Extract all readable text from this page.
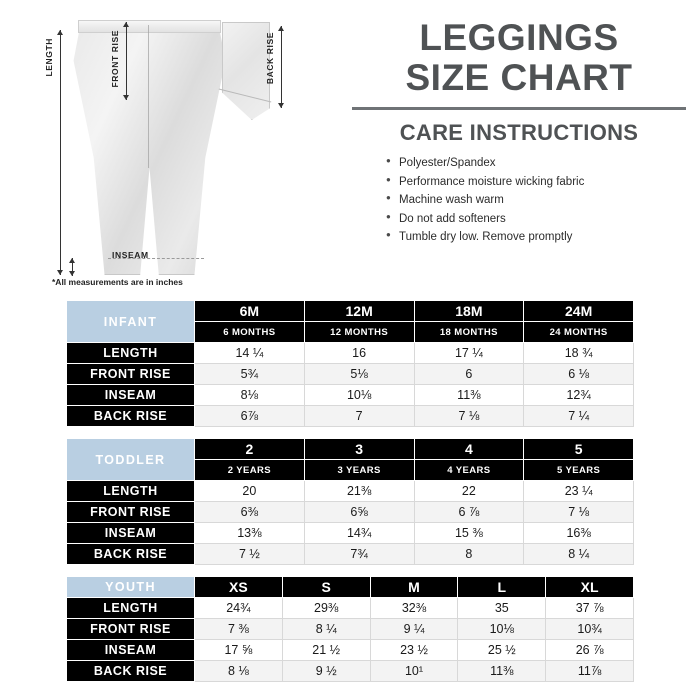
LENGTH	FRONT RISE
INSEAM
BACK RISE
*All measurements are in inches
LEGGINGS
SIZE CHART
CARE INSTRUCTIONS
● Polyester/Spandex
● Performance moisture wicking fabric
● Machine wash warm
● Do not add softeners
● Tumble dry low. Remove promptly
INFANT	6M	12M	18M	24M
	6 MONTHS	12 MONTHS	18 MONTHS	24 MONTHS
LENGTH	14 ¼	16	17 ¼	18 ¾
FRONT RISE	5¾	5⅛	6	6 ⅛
INSEAM	8⅛	10⅛	11⅜	12¾
BACK RISE	6⅞	7	7 ⅛	7 ¼
TODDLER	2	3	4	5
	2 YEARS	3 YEARS	4 YEARS	5 YEARS
LENGTH	20	21⅜	22	23 ¼
FRONT RISE	6⅜	6⅝	6 ⅞	7 ⅛
INSEAM	13⅜	14¾	15 ⅜	16⅜
BACK RISE	7 ½	7¾	8	8 ¼
YOUTH	XS	S	M	L	XL
LENGTH	24¾	29⅜	32⅜	35	37 ⅞
FRONT RISE	7 ⅜	8 ¼	9 ¼	10⅛	10¾
INSEAM	17 ⅝	21 ½	23 ½	25 ½	26 ⅞
BACK RISE	8 ⅛	9 ½	10¹	11⅜	11⅞
